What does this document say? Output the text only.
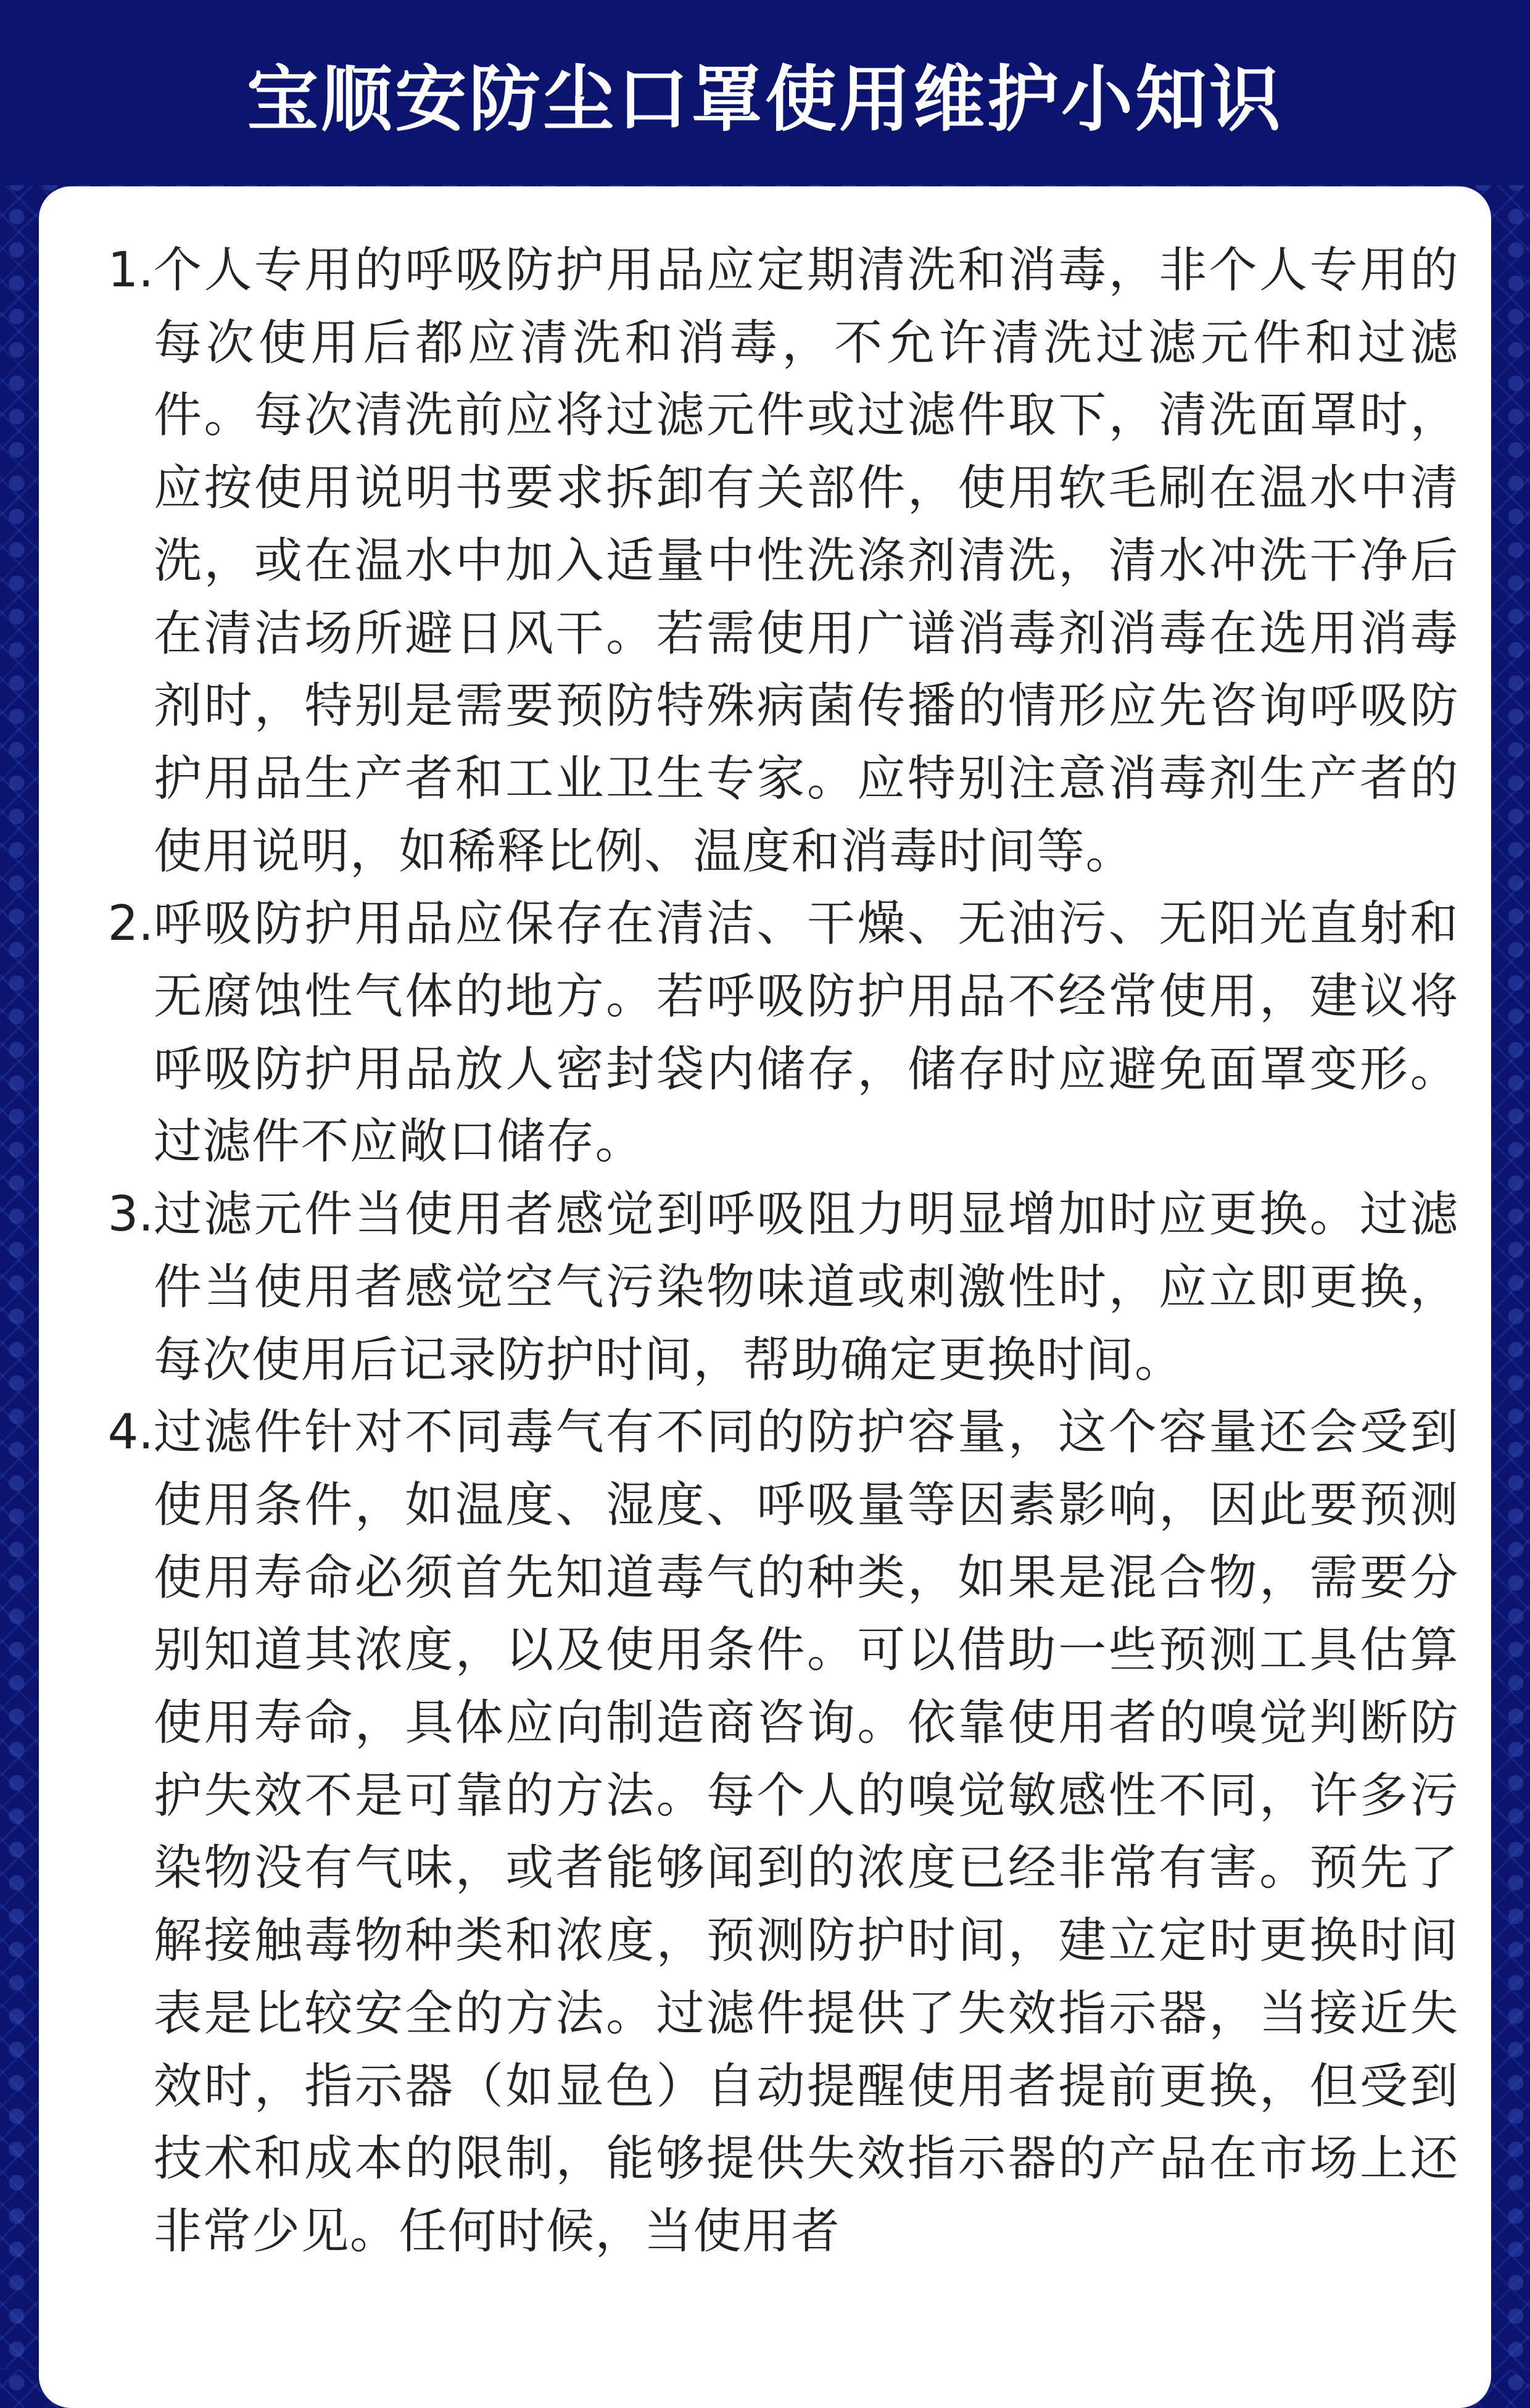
宝顺安防尘口罩使用维护小知识
1. 个人专用的呼吸防护用品应定期清洗和消毒，非个人专用的每次使用后都应清洗和消毒，不允许清洗过滤元件和过滤件。每次清洗前应将过滤元件或过滤件取下，清洗面罩时，应按使用说明书要求拆卸有关部件，使用软毛刷在温水中清洗，或在温水中加入适量中性洗涤剂清洗，清水冲洗干净后在清洁场所避日风干。若需使用广谱消毒剂消毒在选用消毒剂时，特别是需要预防特殊病菌传播的情形应先咨询呼吸防护用品生产者和工业卫生专家。应特别注意消毒剂生产者的使用说明，如稀释比例、温度和消毒时间等。

2. 呼吸防护用品应保存在清洁、干燥、无油污、无阳光直射和无腐蚀性气体的地方。若呼吸防护用品不经常使用，建议将呼吸防护用品放人密封袋内储存，储存时应避免面罩变形。过滤件不应敞口储存。

3. 过滤元件当使用者感觉到呼吸阻力明显增加时应更换。过滤件当使用者感觉空气污染物味道或刺激性时，应立即更换，每次使用后记录防护时间，帮助确定更换时间。

4. 过滤件针对不同毒气有不同的防护容量，这个容量还会受到使用条件，如温度、湿度、呼吸量等因素影响，因此要预测使用寿命必须首先知道毒气的种类，如果是混合物，需要分别知道其浓度，以及使用条件。可以借助一些预测工具估算使用寿命，具体应向制造商咨询。依靠使用者的嗅觉判断防护失效不是可靠的方法。每个人的嗅觉敏感性不同，许多污染物没有气味，或者能够闻到的浓度已经非常有害。预先了解接触毒物种类和浓度，预测防护时间，建立定时更换时间表是比较安全的方法。过滤件提供了失效指示器，当接近失效时，指示器（如显色）自动提醒使用者提前更换，但受到技术和成本的限制，能够提供失效指示器的产品在市场上还非常少见。任何时候，当使用者
